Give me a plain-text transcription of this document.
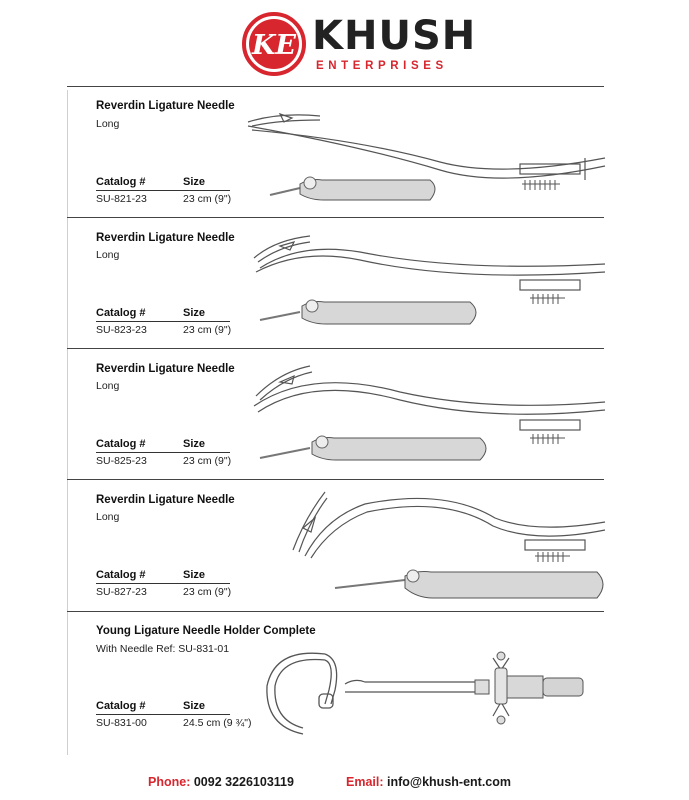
KE KHUSH
ENTERPRISES
Reverdin Ligature Needle
Long
Catalog #	Size
SU-821-23	23 cm (9")
Reverdin Ligature Needle
Long
Catalog #	Size
SU-823-23	23 cm (9")
Reverdin Ligature Needle
Long
Catalog #	Size
SU-825-23	23 cm (9")
Reverdin Ligature Needle
Long
Catalog #	Size
SU-827-23	23 cm (9")
Young Ligature Needle Holder Complete
With Needle Ref: SU-831-01
Catalog #	Size
SU-831-00	24.5 cm (9 ¾")
Phone: 0092 3226103119	Email: info@khush-ent.com
